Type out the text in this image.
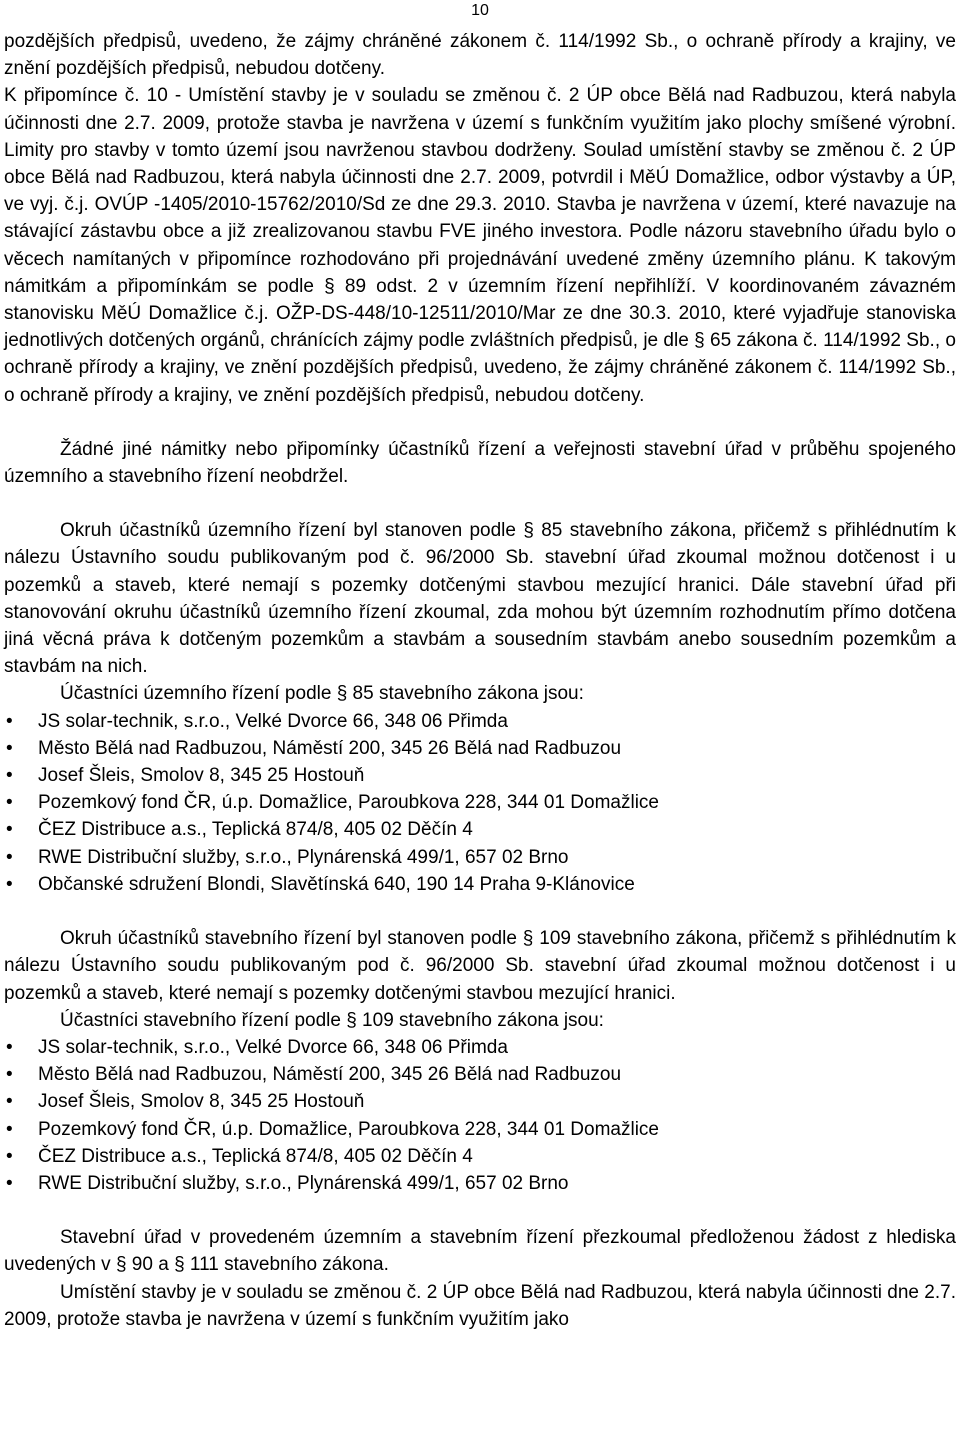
10

pozdějších předpisů, uvedeno, že zájmy chráněné zákonem č. 114/1992 Sb., o ochraně přírody a krajiny, ve znění pozdějších předpisů, nebudou dotčeny.

K připomínce č. 10 - Umístění stavby je v souladu se změnou č. 2 ÚP obce Bělá nad Radbuzou, která nabyla účinnosti dne 2.7. 2009, protože stavba je navržena v území s funkčním využitím jako plochy smíšené výrobní. Limity pro stavby v tomto území jsou navrženou stavbou dodrženy. Soulad umístění stavby se změnou č. 2 ÚP obce Bělá nad Radbuzou, která nabyla účinnosti dne 2.7. 2009, potvrdil i MěÚ Domažlice, odbor výstavby a ÚP, ve vyj. č.j. OVÚP -1405/2010-15762/2010/Sd ze dne 29.3. 2010. Stavba je navržena v území, které navazuje na stávající zástavbu obce a již zrealizovanou stavbu FVE jiného investora. Podle názoru stavebního úřadu bylo o věcech namítaných v připomínce rozhodováno při projednávání uvedené změny územního plánu. K takovým námitkám a připomínkám se podle § 89 odst. 2 v územním řízení nepřihlíží. V koordinovaném závazném stanovisku MěÚ Domažlice č.j. OŽP-DS-448/10-12511/2010/Mar ze dne 30.3. 2010, které vyjadřuje stanoviska jednotlivých dotčených orgánů, chránících zájmy podle zvláštních předpisů, je dle § 65 zákona č. 114/1992 Sb., o ochraně přírody a krajiny, ve znění pozdějších předpisů, uvedeno, že zájmy chráněné zákonem č. 114/1992 Sb., o ochraně přírody a krajiny, ve znění pozdějších předpisů, nebudou dotčeny.

Žádné jiné námitky nebo připomínky účastníků řízení a veřejnosti stavební úřad v průběhu spojeného územního a stavebního řízení neobdržel.

Okruh účastníků územního řízení byl stanoven podle § 85 stavebního zákona, přičemž s přihlédnutím k nálezu Ústavního soudu publikovaným pod č. 96/2000 Sb. stavební úřad zkoumal možnou dotčenost i u pozemků a staveb, které nemají s pozemky dotčenými stavbou mezující hranici. Dále stavební úřad při stanovování okruhu účastníků územního řízení zkoumal, zda mohou být územním rozhodnutím přímo dotčena jiná věcná práva k dotčeným pozemkům a stavbám a sousedním stavbám anebo sousedním pozemkům a stavbám na nich.

Účastníci územního řízení podle § 85 stavebního zákona jsou:

• JS solar-technik, s.r.o., Velké Dvorce 66, 348 06 Přimda
• Město Bělá nad Radbuzou, Náměstí 200, 345 26 Bělá nad Radbuzou
• Josef Šleis, Smolov 8, 345 25 Hostouň
• Pozemkový fond ČR, ú.p. Domažlice, Paroubkova 228, 344 01 Domažlice
• ČEZ Distribuce a.s., Teplická 874/8, 405 02 Děčín 4
• RWE Distribuční služby, s.r.o., Plynárenská 499/1, 657 02 Brno
• Občanské sdružení Blondi, Slavětínská 640, 190 14 Praha 9-Klánovice

Okruh účastníků stavebního řízení byl stanoven podle § 109 stavebního zákona, přičemž s přihlédnutím k nálezu Ústavního soudu publikovaným pod č. 96/2000 Sb. stavební úřad zkoumal možnou dotčenost i u pozemků a staveb, které nemají s pozemky dotčenými stavbou mezující hranici.

Účastníci stavebního řízení podle § 109 stavebního zákona jsou:

• JS solar-technik, s.r.o., Velké Dvorce 66, 348 06 Přimda
• Město Bělá nad Radbuzou, Náměstí 200, 345 26 Bělá nad Radbuzou
• Josef Šleis, Smolov 8, 345 25 Hostouň
• Pozemkový fond ČR, ú.p. Domažlice, Paroubkova 228, 344 01 Domažlice
• ČEZ Distribuce a.s., Teplická 874/8, 405 02 Děčín 4
• RWE Distribuční služby, s.r.o., Plynárenská 499/1, 657 02 Brno

Stavební úřad v provedeném územním a stavebním řízení přezkoumal předloženou žádost z hlediska uvedených v § 90 a § 111 stavebního zákona.

Umístění stavby je v souladu se změnou č. 2 ÚP obce Bělá nad Radbuzou, která nabyla účinnosti dne 2.7. 2009, protože stavba je navržena v území s funkčním využitím jako
